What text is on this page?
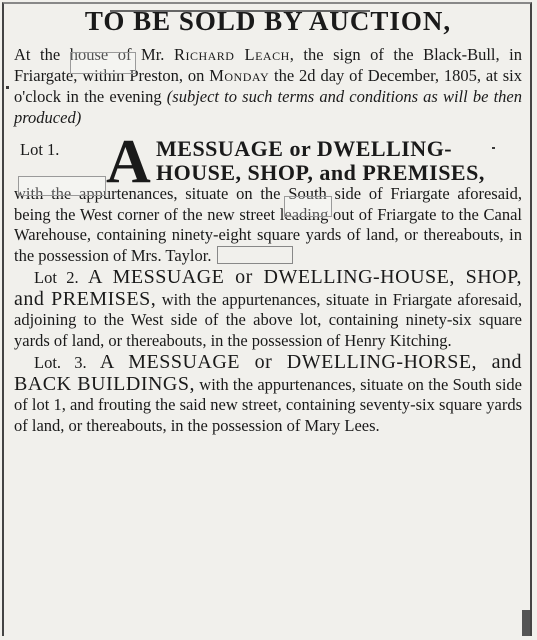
TO BE SOLD BY AUCTION,

At the house of Mr. Richard Leach, the sign of the Black-Bull, in Friargate, within Preston, on Monday the 2d day of December, 1805, at six o'clock in the evening (subject to such terms and conditions as will be then produced)

Lot 1. A MESSUAGE or DWELLING-
HOUSE, SHOP, and PREMISES,

with the appurtenances, situate on the South side of Friargate aforesaid, being the West corner of the new street leading out of Friargate to the Canal Warehouse, containing ninety-eight square yards of land, or thereabouts, in the possession of Mrs. Taylor.

Lot 2. A MESSUAGE or DWELLING-HOUSE, SHOP, and PREMISES, with the appurtenances, situate in Friargate aforesaid, adjoining to the West side of the above lot, containing ninety-six square yards of land, or thereabouts, in the possession of Henry Kitching.

Lot. 3. A MESSUAGE or DWELLING-HORSE, and BACK BUILDINGS, with the appurtenances, situate on the South side of lot 1, and frouting the said new street, containing seventy-six square yards of land, or thereabouts, in the possession of Mary Lees.
